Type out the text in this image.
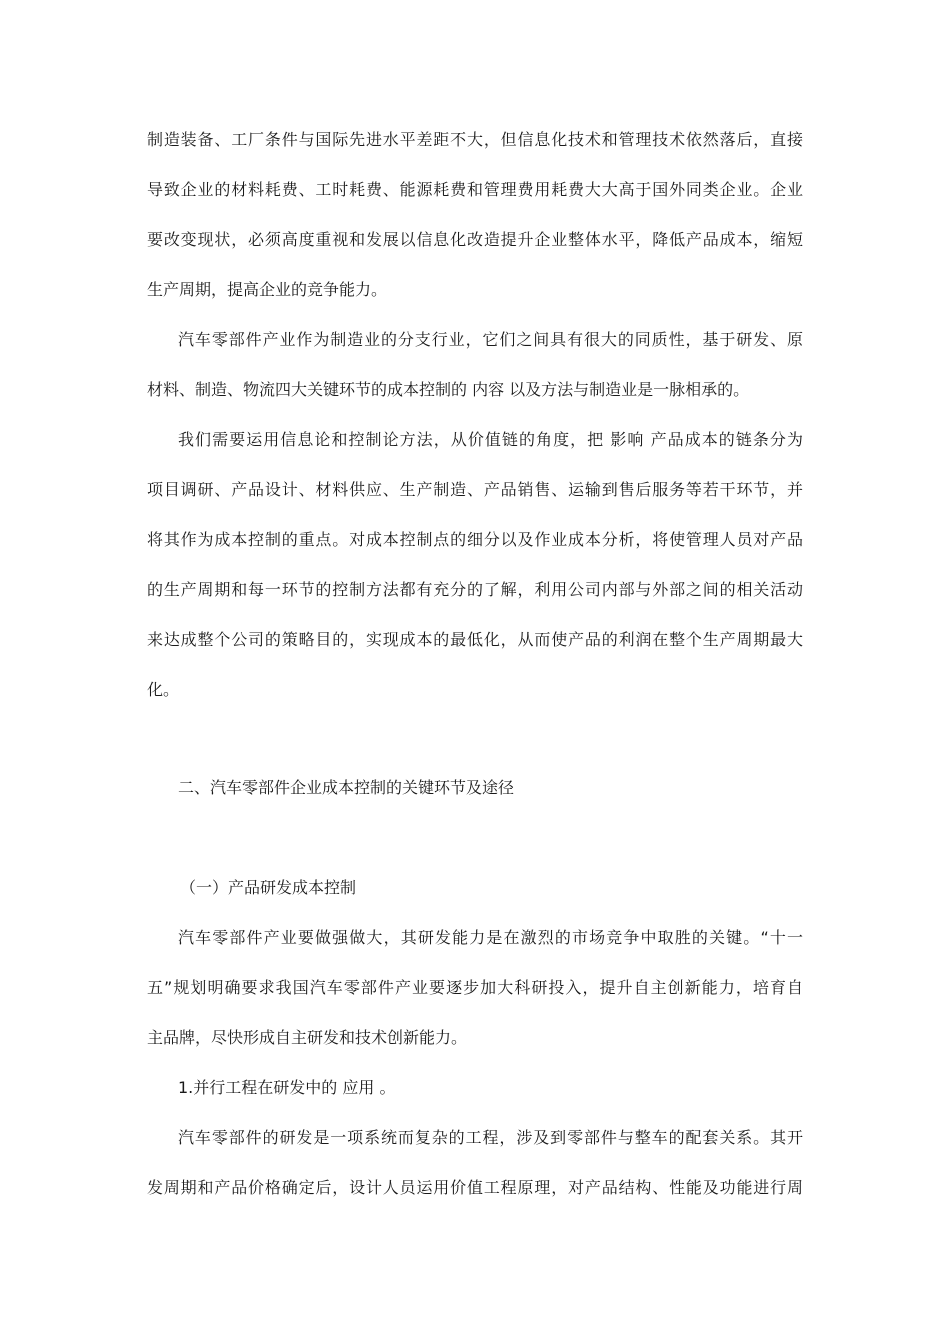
制造装备、工厂条件与国际先进水平差距不大，但信息化技术和管理技术依然落后，直接
导致企业的材料耗费、工时耗费、能源耗费和管理费用耗费大大高于国外同类企业。企业
要改变现状，必须高度重视和发展以信息化改造提升企业整体水平，降低产品成本，缩短
生产周期，提高企业的竞争能力。
汽车零部件产业作为制造业的分支行业，它们之间具有很大的同质性，基于研发、原
材料、制造、物流四大关键环节的成本控制的 内容 以及方法与制造业是一脉相承的。
我们需要运用信息论和控制论方法，从价值链的角度，把 影响 产品成本的链条分为
项目调研、产品设计、材料供应、生产制造、产品销售、运输到售后服务等若干环节，并
将其作为成本控制的重点。对成本控制点的细分以及作业成本分析，将使管理人员对产品
的生产周期和每一环节的控制方法都有充分的了解，利用公司内部与外部之间的相关活动
来达成整个公司的策略目的，实现成本的最低化，从而使产品的利润在整个生产周期最大
化。
二、汽车零部件企业成本控制的关键环节及途径
（一）产品研发成本控制
汽车零部件产业要做强做大，其研发能力是在激烈的市场竞争中取胜的关键。“十一
五”规划明确要求我国汽车零部件产业要逐步加大科研投入，提升自主创新能力，培育自
主品牌，尽快形成自主研发和技术创新能力。
1.并行工程在研发中的 应用 。
汽车零部件的研发是一项系统而复杂的工程，涉及到零部件与整车的配套关系。其开
发周期和产品价格确定后，设计人员运用价值工程原理，对产品结构、性能及功能进行周
